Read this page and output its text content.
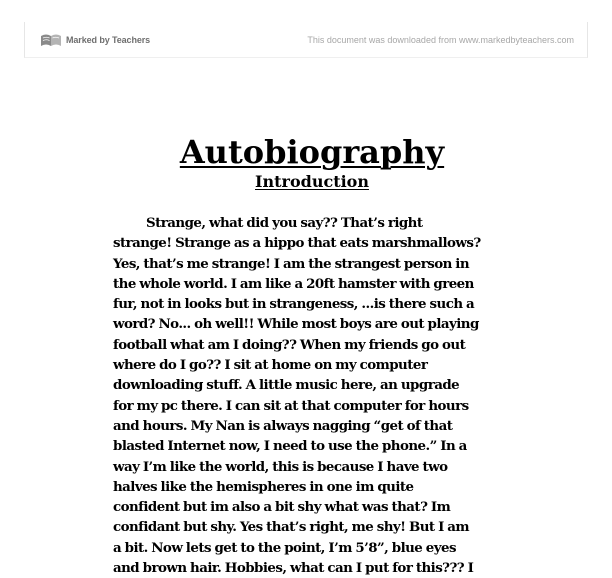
Marked by Teachers	This document was downloaded from www.markedbyteachers.com
Autobiography
Introduction
Strange, what did you say?? That’s right
strange! Strange as a hippo that eats marshmallows?
Yes, that’s me strange! I am the strangest person in
the whole world. I am like a 20ft hamster with green
fur, not in looks but in strangeness, ...is there such a
word? No... oh well!! While most boys are out playing
football what am I doing?? When my friends go out
where do I go?? I sit at home on my computer
downloading stuff. A little music here, an upgrade
for my pc there. I can sit at that computer for hours
and hours. My Nan is always nagging “get of that
blasted Internet now, I need to use the phone.” In a
way I’m like the world, this is because I have two
halves like the hemispheres in one im quite
confident but im also a bit shy what was that? Im
confidant but shy. Yes that’s right, me shy! But I am
a bit. Now lets get to the point, I’m 5’8”, blue eyes
and brown hair. Hobbies, what can I put for this??? I
